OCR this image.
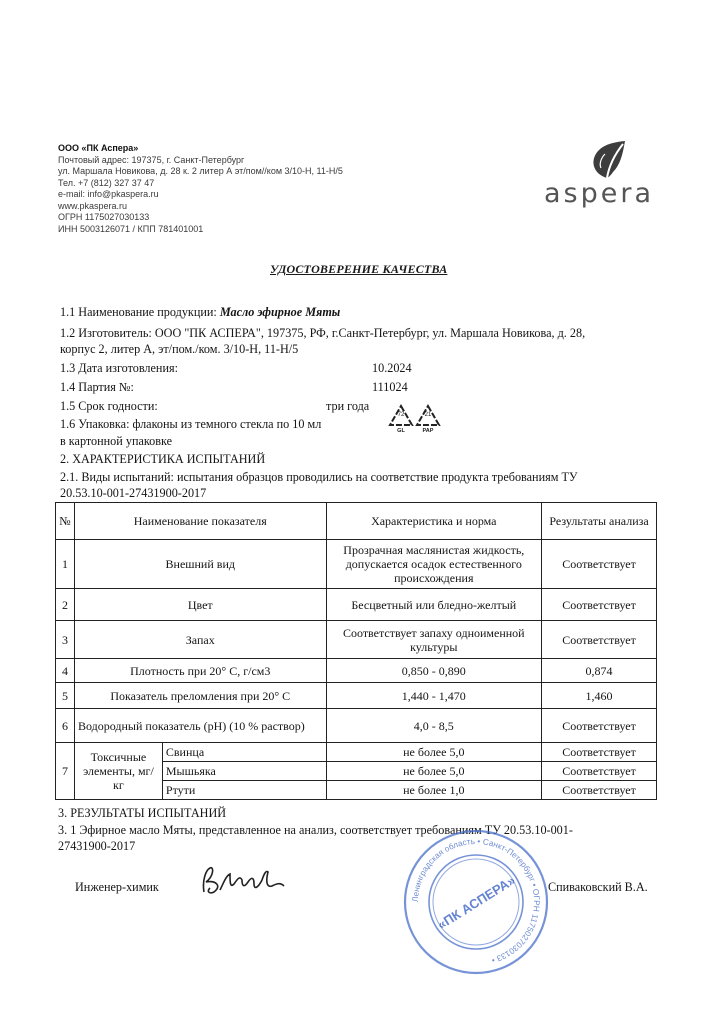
ООО «ПК Аспера»
Почтовый адрес: 197375, г. Санкт-Петербург
ул. Маршала Новикова, д. 28 к. 2 литер А эт/пом//ком 3/10-Н, 11-Н/5
Тел. +7 (812) 327 37 47
e-mail: info@pkaspera.ru
www.pkaspera.ru
ОГРН 1175027030133
ИНН 5003126071 / КПП 781401001
aspera
УДОСТОВЕРЕНИЕ КАЧЕСТВА
1.1 Наименование продукции: Масло эфирное Мяты
1.2 Изготовитель: ООО "ПК АСПЕРА", 197375, РФ, г.Санкт-Петербург, ул. Маршала Новикова, д. 28,
корпус 2, литер А, эт/пом./ком. 3/10-Н, 11-Н/5
1.3 Дата изготовления:	10.2024
1.4 Партия №:	111024
1.5 Срок годности:	три года
1.6 Упаковка: флаконы из темного стекла по 10 мл
в картонной упаковке
72
GL
21
PAP
2. ХАРАКТЕРИСТИКА ИСПЫТАНИЙ
2.1. Виды испытаний: испытания образцов проводились на соответствие продукта требованиям ТУ
20.53.10-001-27431900-2017
№	Наименование показателя		Характеристика и норма	Результаты анализа
1	Внешний вид		Прозрачная маслянистая жидкость, допускается осадок естественного происхождения	Соответствует
2	Цвет		Бесцветный или бледно-желтый	Соответствует
3	Запах		Соответствует запаху одноименной культуры	Соответствует
4	Плотность при 20° С, г/см3		0,850 - 0,890	0,874
5	Показатель преломления при 20° С		1,440 - 1,470	1,460
6	Водородный показатель (рН) (10 % раствор)		4,0 - 8,5	Соответствует
7	Токсичные элементы, мг/кг	Свинца	не более 5,0	Соответствует
		Мышьяка	не более 5,0	Соответствует
		Ртути	не более 1,0	Соответствует
3. РЕЗУЛЬТАТЫ ИСПЫТАНИЙ
3. 1 Эфирное масло Мяты, представленное на анализ, соответствует требованиям ТУ 20.53.10-001-
27431900-2017
Инженер-химик
Ленинградская область • Санкт-Петербург • ОГРН 1175027030133 •
«ПК АСПЕРА» Спиваковский В.А.
